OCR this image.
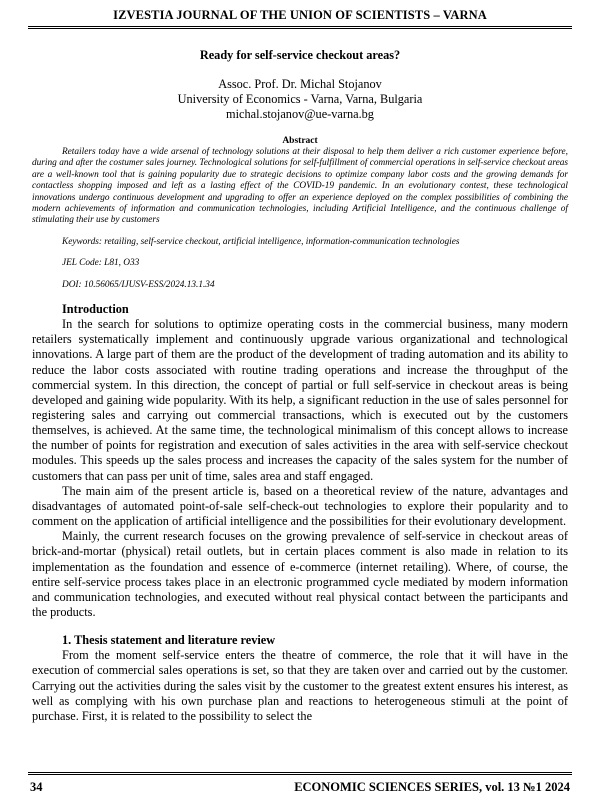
IZVESTIA JOURNAL OF THE UNION OF SCIENTISTS – VARNA
Ready for self-service checkout areas?
Assoc. Prof. Dr. Michal Stojanov
University of Economics - Varna, Varna, Bulgaria
michal.stojanov@ue-varna.bg
Abstract

Retailers today have a wide arsenal of technology solutions at their disposal to help them deliver a rich customer experience before, during and after the costumer sales journey. Technological solutions for self-fulfillment of commercial operations in self-service checkout areas are a well-known tool that is gaining popularity due to strategic decisions to optimize company labor costs and the growing demands for contactless shopping imposed and left as a lasting effect of the COVID-19 pandemic. In an evolutionary contest, these technological innovations undergo continuous development and upgrading to offer an experience deployed on the complex possibilities of combining the modern achievements of information and communication technologies, including Artificial Intelligence, and the continuous challenge of stimulating their use by customers

Keywords: retailing, self-service checkout, artificial intelligence, information-communication technologies

JEL Code: L81, O33

DOI: 10.56065/IJUSV-ESS/2024.13.1.34

Introduction

In the search for solutions to optimize operating costs in the commercial business, many modern retailers systematically implement and continuously upgrade various organizational and technological innovations. A large part of them are the product of the development of trading automation and its ability to reduce the labor costs associated with routine trading operations and increase the throughput of the commercial system. In this direction, the concept of partial or full self-service in checkout areas is being developed and gaining wide popularity. With its help, a significant reduction in the use of sales personnel for registering sales and carrying out commercial transactions, which is executed out by the customers themselves, is achieved. At the same time, the technological minimalism of this concept allows to increase the number of points for registration and execution of sales activities in the area with self-service checkout modules. This speeds up the sales process and increases the capacity of the sales system for the number of customers that can pass per unit of time, sales area and staff engaged.

The main aim of the present article is, based on a theoretical review of the nature, advantages and disadvantages of automated point-of-sale self-check-out technologies to explore their popularity and to comment on the application of artificial intelligence and the possibilities for their evolutionary development.

Mainly, the current research focuses on the growing prevalence of self-service in checkout areas of brick-and-mortar (physical) retail outlets, but in certain places comment is also made in relation to its implementation as the foundation and essence of e-commerce (internet retailing). Where, of course, the entire self-service process takes place in an electronic programmed cycle mediated by modern information and communication technologies, and executed without real physical contact between the participants and the products.

1. Thesis statement and literature review

From the moment self-service enters the theatre of commerce, the role that it will have in the execution of commercial sales operations is set, so that they are taken over and carried out by the customer. Carrying out the activities during the sales visit by the customer to the greatest extent ensures his interest, as well as complying with his own purchase plan and reactions to heterogeneous stimuli at the point of purchase. First, it is related to the possibility to select the

34	ECONOMIC SCIENCES SERIES, vol. 13 №1 2024
